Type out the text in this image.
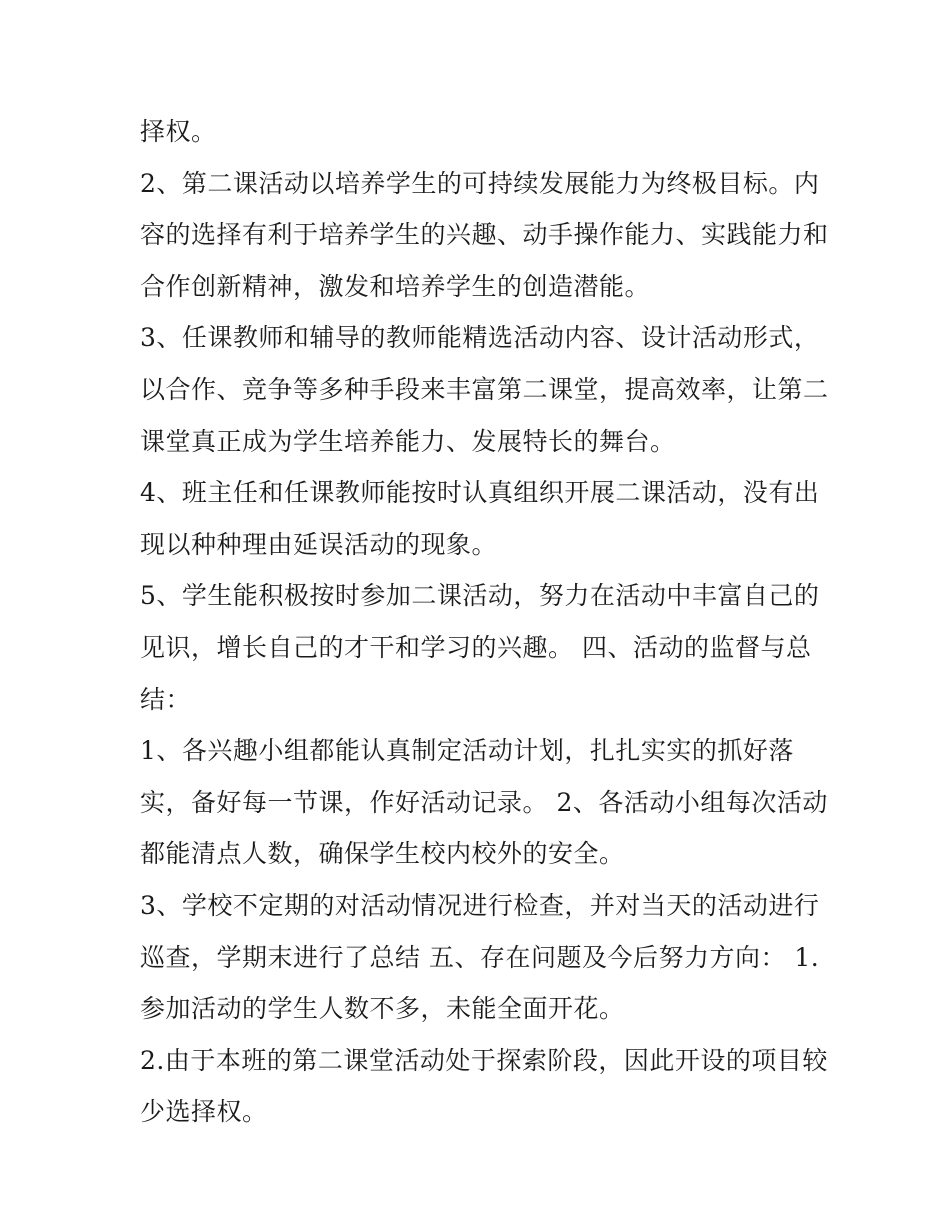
择权。
2、第二课活动以培养学生的可持续发展能力为终极目标。内
容的选择有利于培养学生的兴趣、动手操作能力、实践能力和
合作创新精神，激发和培养学生的创造潜能。
3、任课教师和辅导的教师能精选活动内容、设计活动形式，
以合作、竞争等多种手段来丰富第二课堂，提高效率，让第二
课堂真正成为学生培养能力、发展特长的舞台。
4、班主任和任课教师能按时认真组织开展二课活动，没有出
现以种种理由延误活动的现象。
5、学生能积极按时参加二课活动，努力在活动中丰富自己的
见识，增长自己的才干和学习的兴趣。 四、活动的监督与总
结：
1、各兴趣小组都能认真制定活动计划，扎扎实实的抓好落
实，备好每一节课，作好活动记录。 2、各活动小组每次活动
都能清点人数，确保学生校内校外的安全。
3、学校不定期的对活动情况进行检查，并对当天的活动进行
巡查，学期末进行了总结 五、存在问题及今后努力方向： 1.
参加活动的学生人数不多，未能全面开花。
2.由于本班的第二课堂活动处于探索阶段，因此开设的项目较
少选择权。
